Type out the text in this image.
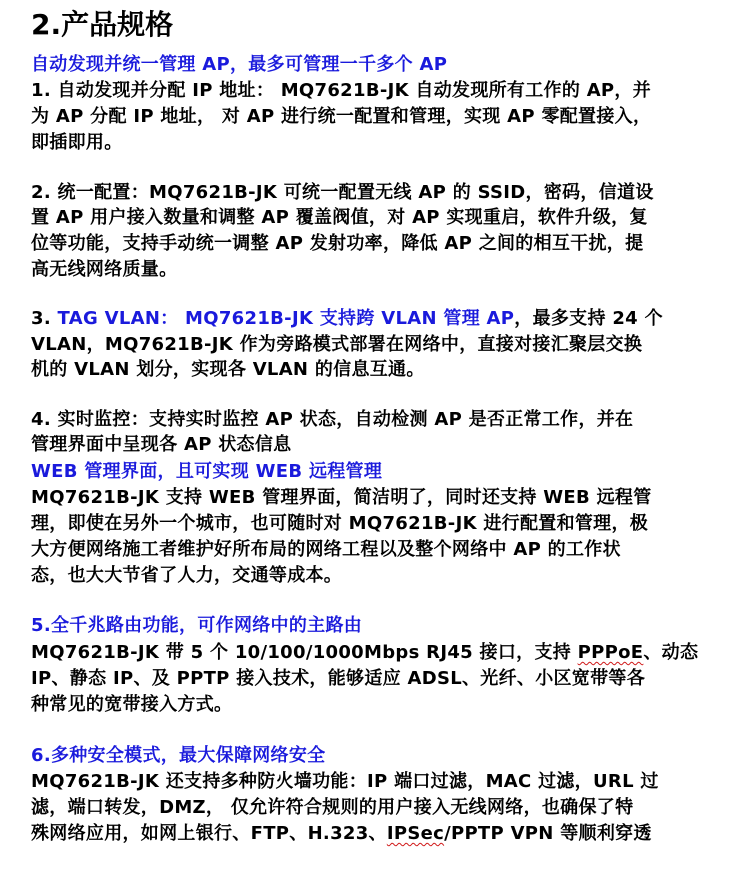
2.产品规格
自动发现并统一管理 AP，最多可管理一千多个 AP
1. 自动发现并分配 IP 地址： MQ7621B-JK 自动发现所有工作的 AP，并
为 AP 分配 IP 地址， 对 AP 进行统一配置和管理，实现 AP 零配置接入，
即插即用。
2. 统一配置：MQ7621B-JK 可统一配置无线 AP 的 SSID，密码，信道设
置 AP 用户接入数量和调整 AP 覆盖阀值，对 AP 实现重启，软件升级，复
位等功能，支持手动统一调整 AP 发射功率，降低 AP 之间的相互干扰，提
高无线网络质量。
3. TAG VLAN： MQ7621B-JK 支持跨 VLAN 管理 AP，最多支持 24 个
VLAN，MQ7621B-JK 作为旁路模式部署在网络中，直接对接汇聚层交换
机的 VLAN 划分，实现各 VLAN 的信息互通。
4. 实时监控：支持实时监控 AP 状态，自动检测 AP 是否正常工作，并在
管理界面中呈现各 AP 状态信息
WEB 管理界面，且可实现 WEB 远程管理
MQ7621B-JK 支持 WEB 管理界面，简洁明了，同时还支持 WEB 远程管
理，即使在另外一个城市，也可随时对 MQ7621B-JK 进行配置和管理，极
大方便网络施工者维护好所布局的网络工程以及整个网络中 AP 的工作状
态，也大大节省了人力，交通等成本。
5.全千兆路由功能，可作网络中的主路由
MQ7621B-JK 带 5 个 10/100/1000Mbps RJ45 接口，支持 PPPoE、动态
IP、静态 IP、及 PPTP 接入技术，能够适应 ADSL、光纤、小区宽带等各
种常见的宽带接入方式。
6.多种安全模式，最大保障网络安全
MQ7621B-JK 还支持多种防火墙功能：IP 端口过滤，MAC 过滤，URL 过
滤，端口转发，DMZ， 仅允许符合规则的用户接入无线网络，也确保了特
殊网络应用，如网上银行、FTP、H.323、IPSec/PPTP VPN 等顺利穿透
